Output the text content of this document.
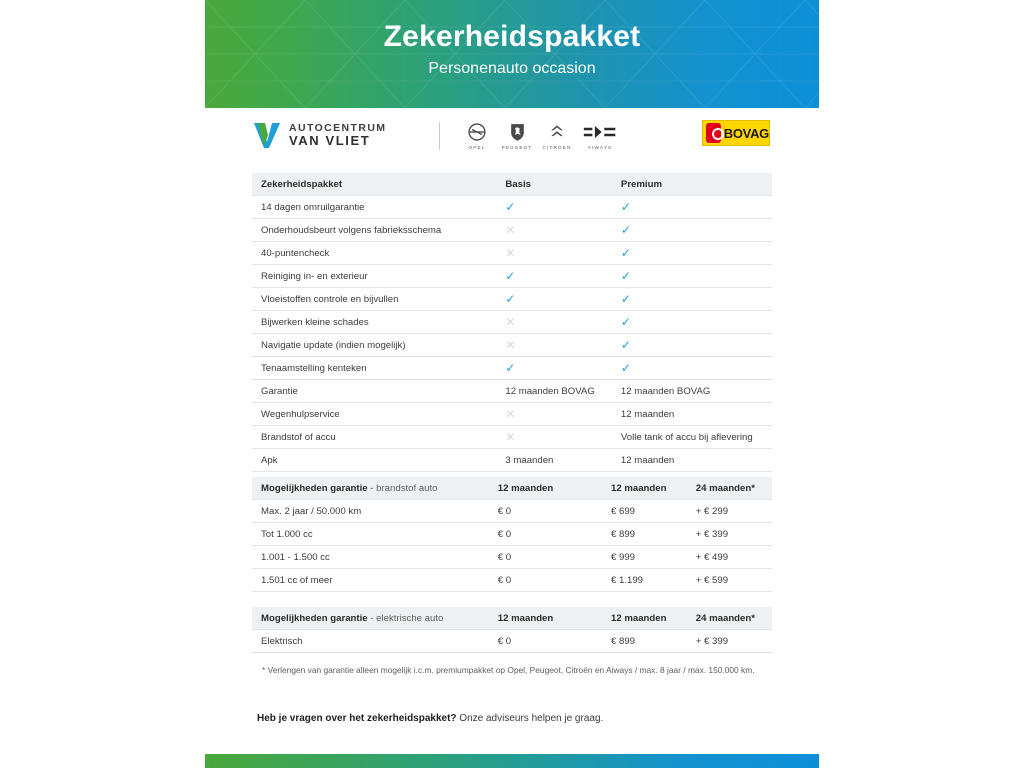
Zekerheidspakket
Personenauto occasion
AUTOCENTRUM
VAN VLIET	OPEL	PEUGEOT	CITROEN	AIWAYS
BOVAG
Zekerheidspakket	Basis	Premium
14 dagen omruilgarantie	✓	✓
Onderhoudsbeurt volgens fabrieksschema	✕	✓
40-puntencheck	✕	✓
Reiniging in- en exterieur	✓	✓
Vloeistoffen controle en bijvullen	✓	✓
Bijwerken kleine schades	✕	✓
Navigatie update (indien mogelijk)	✕	✓
Tenaamstelling kenteken	✓	✓
Garantie	12 maanden BOVAG	12 maanden BOVAG
Wegenhulpservice	✕	12 maanden
Brandstof of accu	✕	Volle tank of accu bij aflevering
Apk	3 maanden	12 maanden
Mogelijkheden garantie - brandstof auto	12 maanden	12 maanden	24 maanden*
Max. 2 jaar / 50.000 km	€ 0	€ 699	+ € 299
Tot 1.000 cc	€ 0	€ 899	+ € 399
1.001 - 1.500 cc	€ 0	€ 999	+ € 499
1.501 cc of meer	€ 0	€ 1.199	+ € 599
Mogelijkheden garantie - elektrische auto	12 maanden	12 maanden	24 maanden*
Elektrisch	€ 0	€ 899	+ € 399
* Verlengen van garantie alleen mogelijk i.c.m. premiumpakket op Opel, Peugeot, Citroën en Aiways / max. 8 jaar / max. 150.000 km.
Heb je vragen over het zekerheidspakket? Onze adviseurs helpen je graag.
